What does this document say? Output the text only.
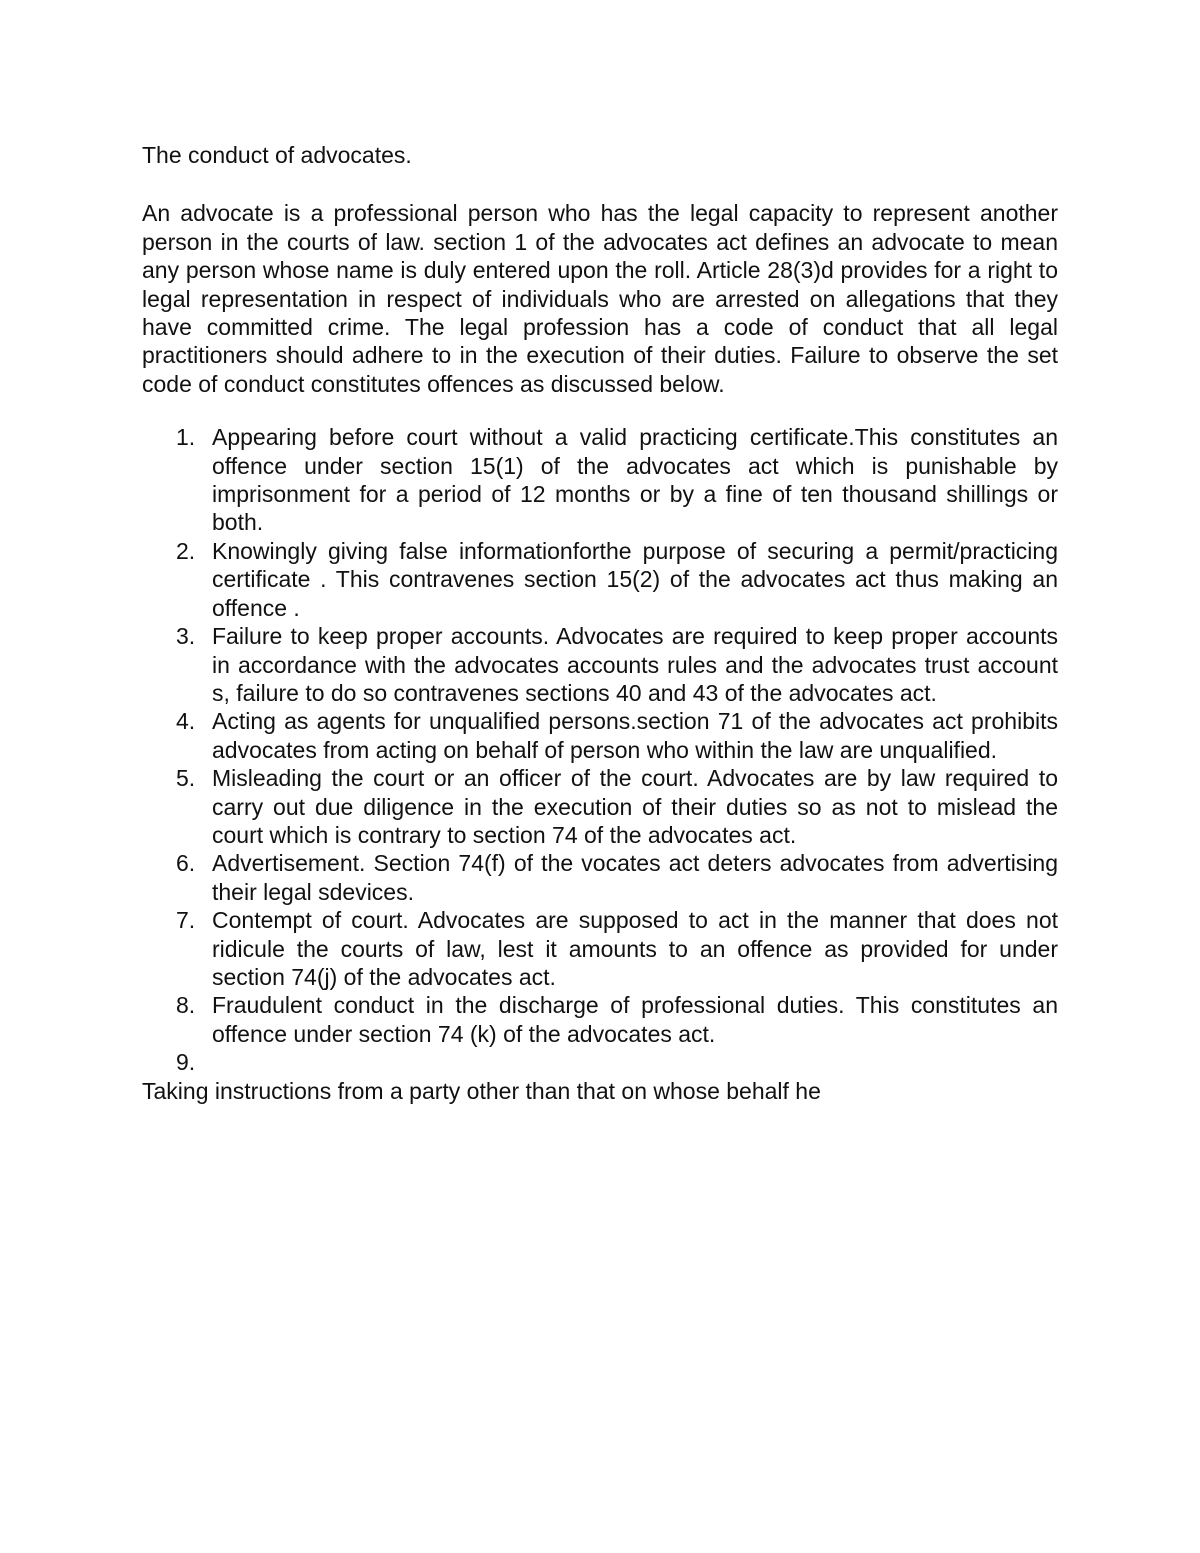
The conduct of advocates.

An advocate is a professional person who has the legal capacity to represent another person in the courts of law. section 1 of the advocates act defines an advocate to mean any person whose name is duly entered upon the roll. Article 28(3)d provides for a right to legal representation in respect of individuals who are arrested on allegations that they have committed crime. The legal profession has a code of conduct that all legal practitioners should adhere to in the execution of their duties. Failure to observe the set code of conduct constitutes offences as discussed below.

1. Appearing before court without a valid practicing certificate.This constitutes an offence under section 15(1) of the advocates act which is punishable by imprisonment for a period of 12 months or by a fine of ten thousand shillings or both.
2. Knowingly giving false informationforthe purpose of securing a permit/practicing certificate . This contravenes section 15(2) of the advocates act thus making an offence .
3. Failure to keep proper accounts. Advocates are required to keep proper accounts in accordance with the advocates accounts rules and the advocates trust account s, failure to do so contravenes sections 40 and 43 of the advocates act.
4. Acting as agents for unqualified persons.section 71 of the advocates act prohibits advocates from acting on behalf of person who within the law are unqualified.
5. Misleading the court or an officer of the court. Advocates are by law required to carry out due diligence in the execution of their duties so as not to mislead the court which is contrary to section 74 of the advocates act.
6. Advertisement. Section 74(f) of the vocates act deters advocates from advertising their legal sdevices.
7. Contempt of court. Advocates are supposed to act in the manner that does not ridicule the courts of law, lest it amounts to an offence as provided for under section 74(j) of the advocates act.
8. Fraudulent conduct in the discharge of professional duties. This constitutes an offence under section 74 (k) of the advocates act.
9.

Taking instructions from a party other than that on whose behalf he
